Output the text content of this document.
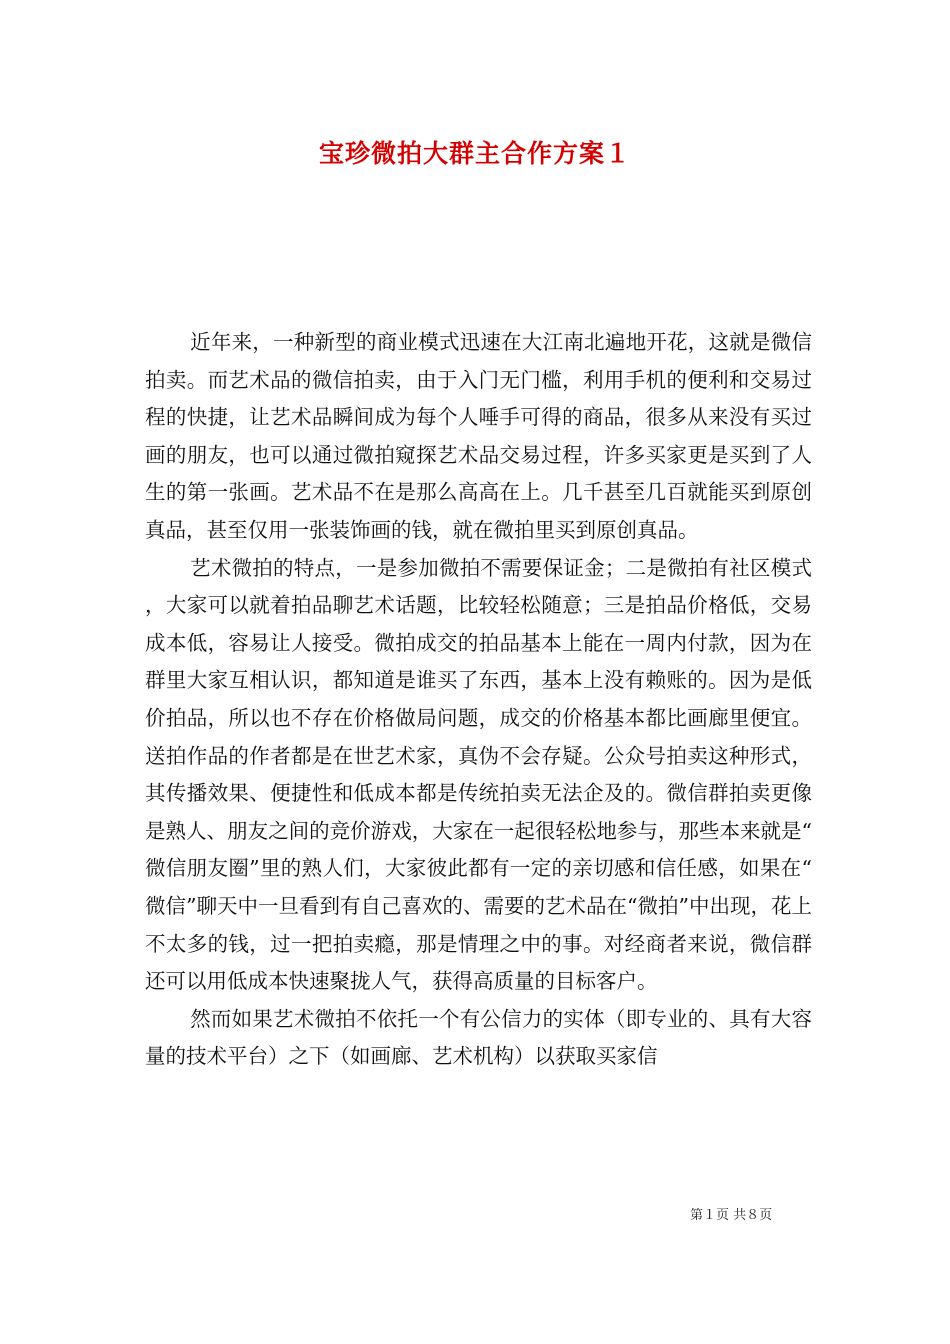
宝珍微拍大群主合作方案１

近年来，一种新型的商业模式迅速在大江南北遍地开花，这就是微信拍卖。而艺术品的微信拍卖，由于入门无门槛，利用手机的便利和交易过程的快捷，让艺术品瞬间成为每个人唾手可得的商品，很多从来没有买过画的朋友，也可以通过微拍窥探艺术品交易过程，许多买家更是买到了人生的第一张画。艺术品不在是那么高高在上。几千甚至几百就能买到原创真品，甚至仅用一张装饰画的钱，就在微拍里买到原创真品。

艺术微拍的特点，一是参加微拍不需要保证金；二是微拍有社区模式，大家可以就着拍品聊艺术话题，比较轻松随意；三是拍品价格低，交易成本低，容易让人接受。微拍成交的拍品基本上能在一周内付款，因为在群里大家互相认识，都知道是谁买了东西，基本上没有赖账的。因为是低价拍品，所以也不存在价格做局问题，成交的价格基本都比画廊里便宜。送拍作品的作者都是在世艺术家，真伪不会存疑。公众号拍卖这种形式，其传播效果、便捷性和低成本都是传统拍卖无法企及的。微信群拍卖更像是熟人、朋友之间的竞价游戏，大家在一起很轻松地参与，那些本来就是“微信朋友圈”里的熟人们，大家彼此都有一定的亲切感和信任感，如果在“微信”聊天中一旦看到有自己喜欢的、需要的艺术品在“微拍”中出现，花上不太多的钱，过一把拍卖瘾，那是情理之中的事。对经商者来说，微信群还可以用低成本快速聚拢人气，获得高质量的目标客户。

然而如果艺术微拍不依托一个有公信力的实体（即专业的、具有大容量的技术平台）之下（如画廊、艺术机构）以获取买家信

第１页 共８页
